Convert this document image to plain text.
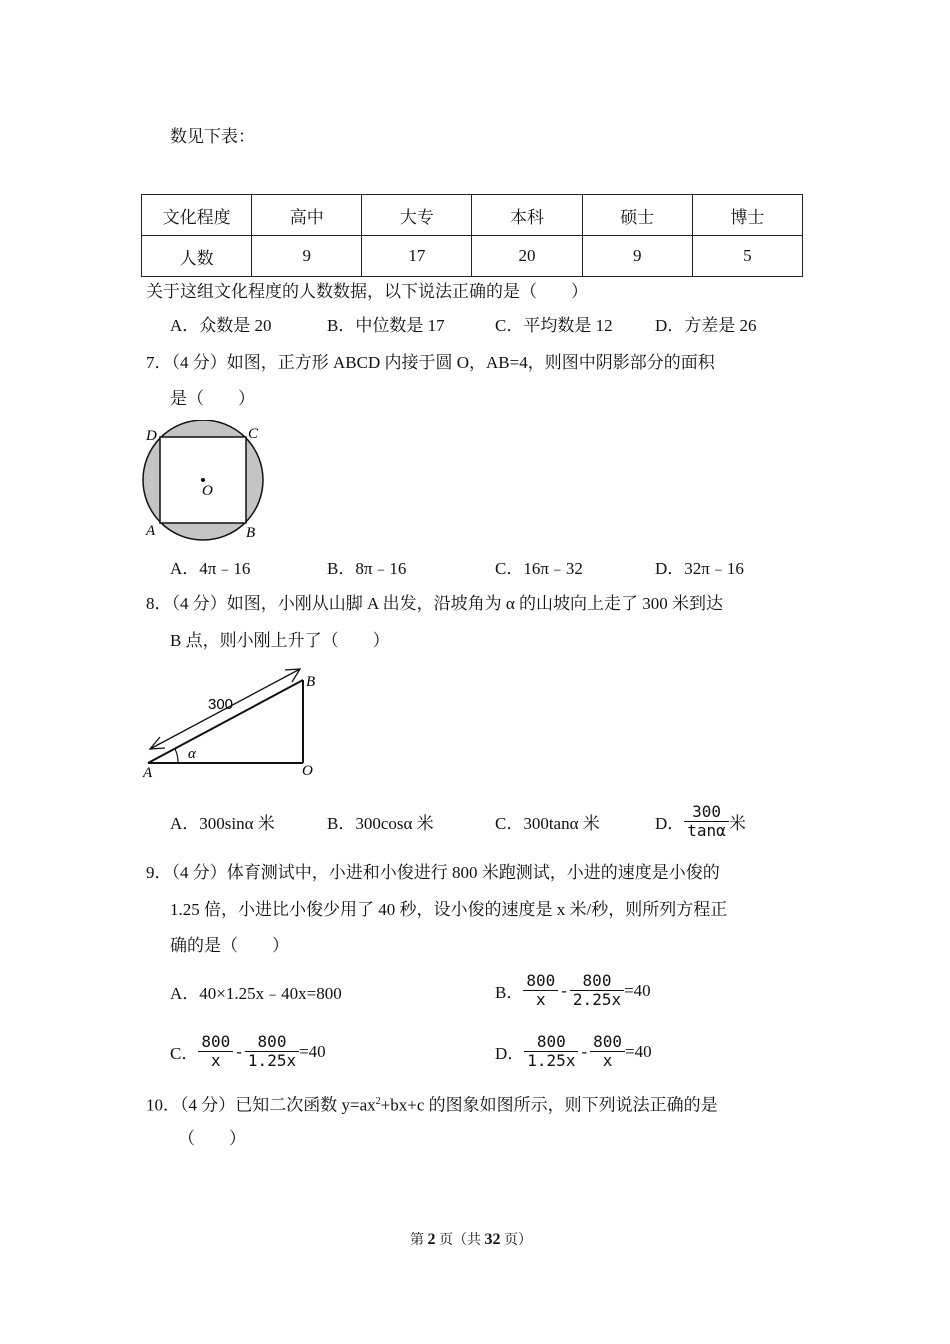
数见下表：
文化程度	高中	大专	本科	硕士	博士
人数	9	17	20	9	5
关于这组文化程度的人数数据，以下说法正确的是（　　）
A．众数是 20	B．中位数是 17	C．平均数是 12 D．方差是 26
7．（4 分）如图，正方形 ABCD 内接于圆 O，AB=4，则图中阴影部分的面积
是（　　）
D	C
O
A	B
A．4π﹣16	B．8π﹣16	C．16π﹣32	D．32π﹣16
8．（4 分）如图，小刚从山脚 A 出发，沿坡角为 α 的山坡向上走了 300 米到达
B 点，则小刚上升了（　　）
300
α
A
B
O
A．300sinα 米	B．300cosα 米	C．300tanα 米	D． $\frac{300}{\tan\alpha}$ 米
9．（4 分）体育测试中，小进和小俊进行 800 米跑测试，小进的速度是小俊的
1.25 倍，小进比小俊少用了 40 秒，设小俊的速度是 x 米/秒，则所列方程正
确的是（　　）
A．40×1.25x﹣40x=800	B． $\frac{800}{x} - \frac{800}{2.25x} =40$
C． $\frac{800}{x} - \frac{800}{1.25x} =40$	D． $\frac{800}{1.25x} - \frac{800}{x} =40$
10．（4 分）已知二次函数 $y=ax^2+bx+c$ 的图象如图所示，则下列说法正确的是
（　　）
第 2 页（共 32 页）
